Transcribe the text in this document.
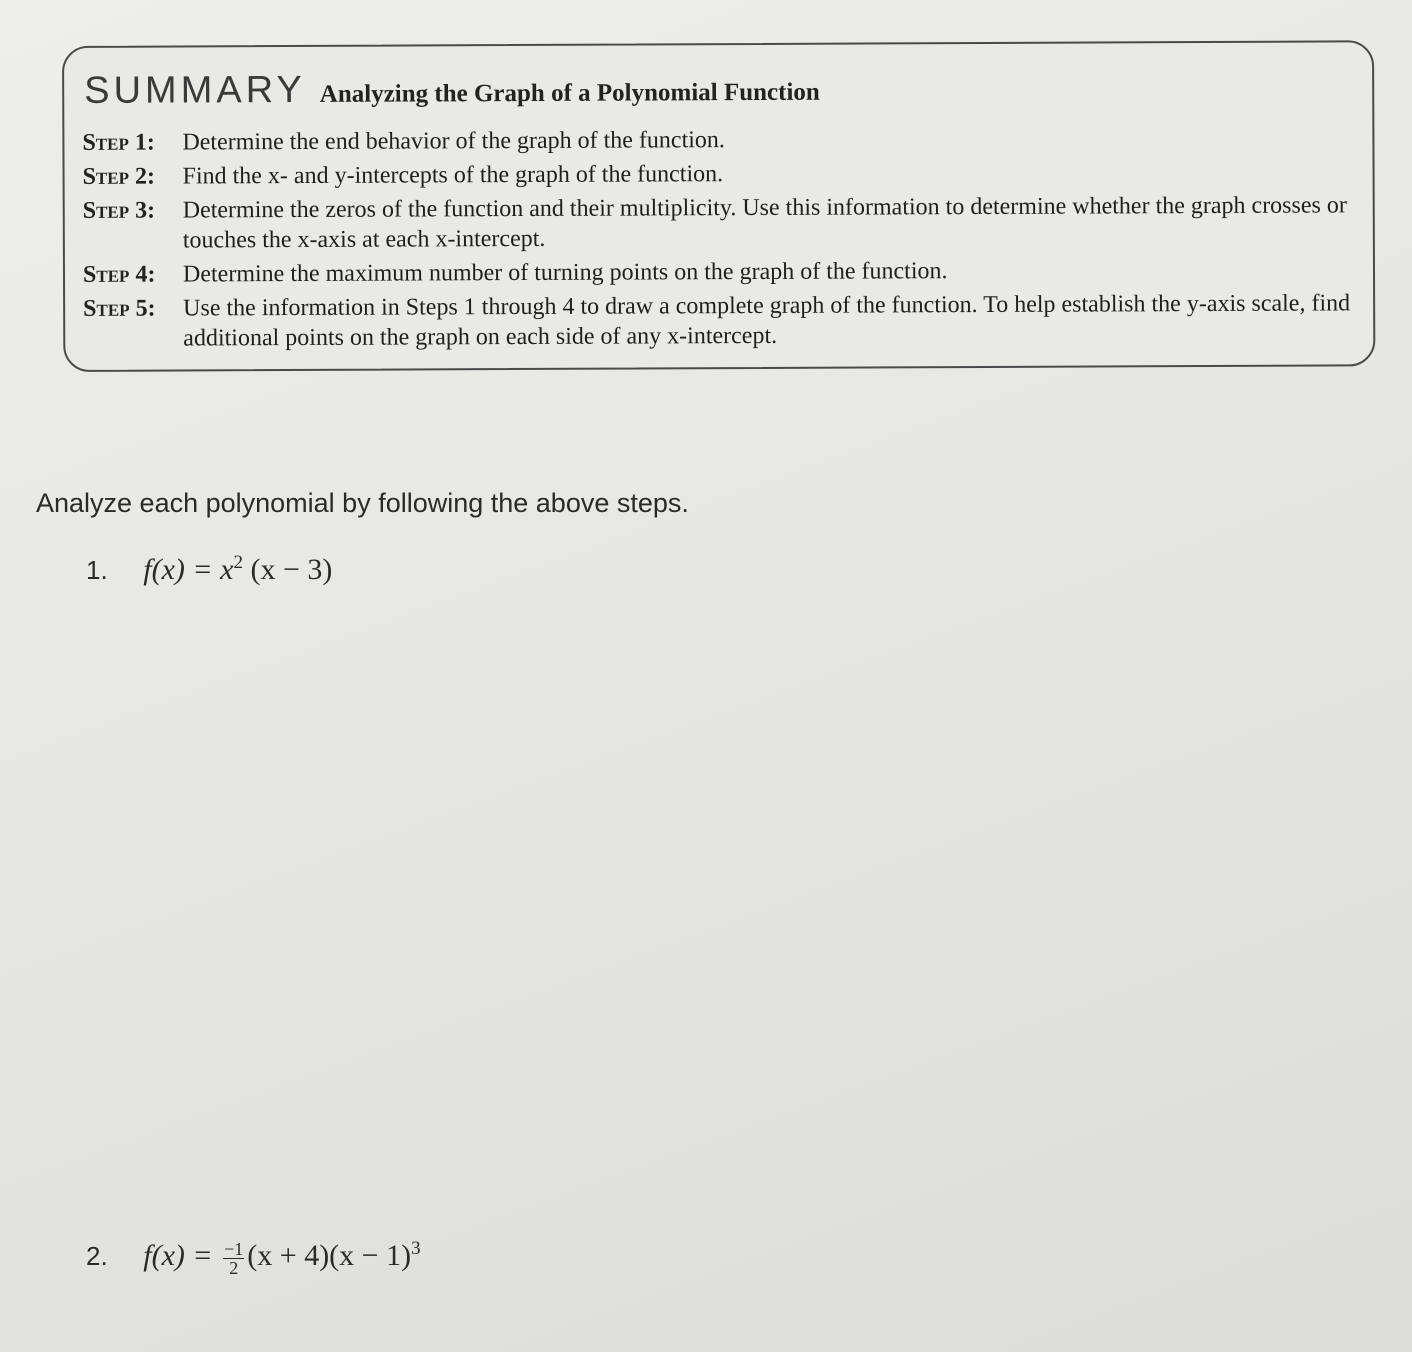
SUMMARY Analyzing the Graph of a Polynomial Function
Step 1:	Determine the end behavior of the graph of the function.
Step 2:	Find the x- and y-intercepts of the graph of the function.
Step 3:	Determine the zeros of the function and their multiplicity. Use this information to determine whether the graph crosses or touches the x-axis at each x-intercept.
Step 4:	Determine the maximum number of turning points on the graph of the function.
Step 5:	Use the information in Steps 1 through 4 to draw a complete graph of the function. To help establish the y-axis scale, find additional points on the graph on each side of any x-intercept.
Analyze each polynomial by following the above steps.
1. $f(x) = x^2$ (x − 3)
2. $f(x) = \frac{-1}{2} (x + 4)(x - 1)^3$
